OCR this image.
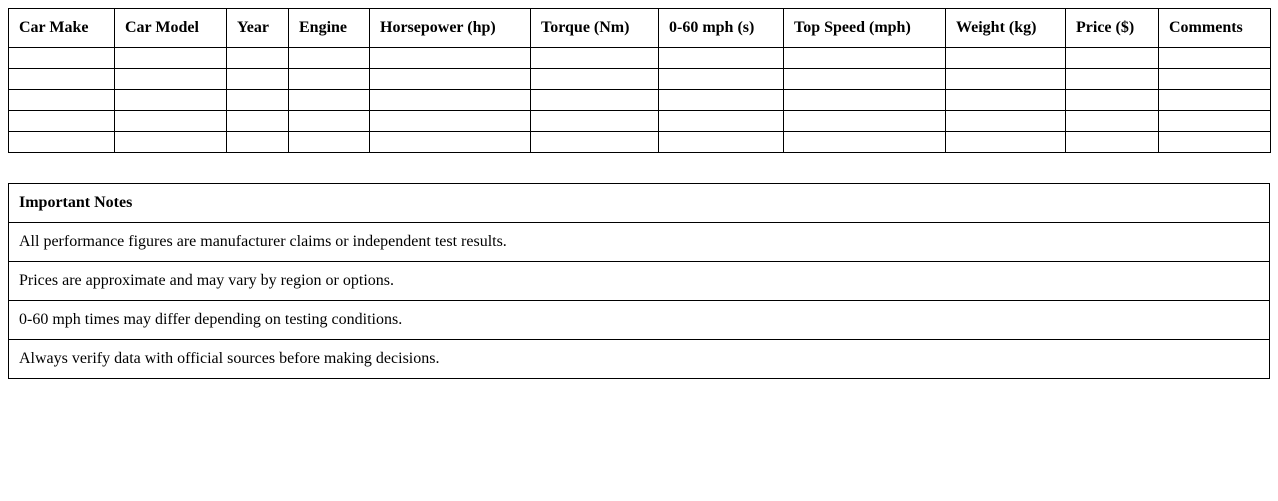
Car Make	Car Model	Year	Engine	Horsepower (hp)	Torque (Nm)	0-60 mph (s)	Top Speed (mph)	Weight (kg)	Price ($)	Comments

Important Notes
All performance figures are manufacturer claims or independent test results.
Prices are approximate and may vary by region or options.
0-60 mph times may differ depending on testing conditions.
Always verify data with official sources before making decisions.
